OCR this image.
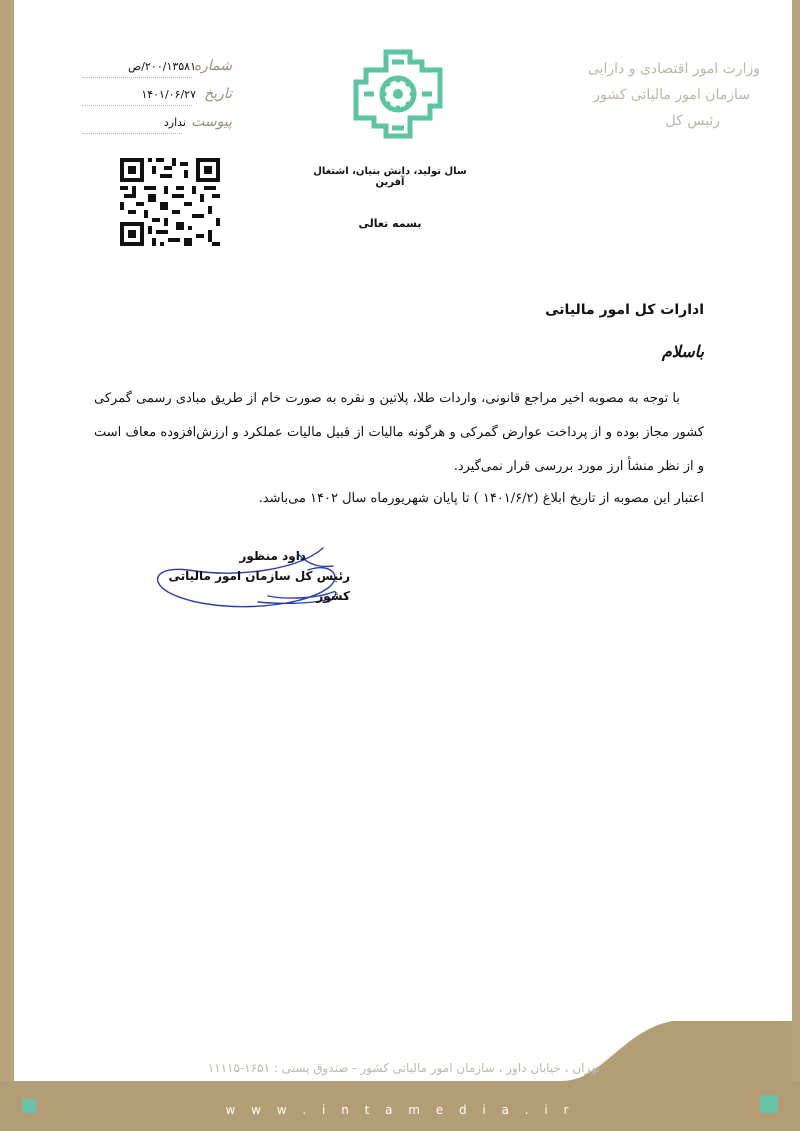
w w w . i n t a m e d i a . i r
تهران ، خیابان داور ، سازمان امور مالیاتی کشور - صندوق پستی : ۱۶۵۱-۱۱۱۱۵
وزارت امور اقتصادی و دارایی
سازمان امور مالیاتی کشور
رئیس کل
شماره
۲۰۰/۱۳۵۸۱/ص
تاریخ
۱۴۰۱/۰۶/۲۷
پیوست
ندارد
سال تولید، دانش بنیان، اشتغال آفرین
بسمه تعالی
ادارات کل امور مالیاتی
باسلام

با توجه به مصوبه اخیر مراجع قانونی، واردات طلا، پلاتین و نقره به صورت خام از طریق مبادی رسمی گمرکی کشور مجاز بوده و از پرداخت عوارض گمرکی و هرگونه مالیات از قبیل مالیات عملکرد و ارزش‌افزوده معاف است و از نظر منشأ ارز مورد بررسی قرار نمی‌گیرد.

اعتبار این مصوبه از تاریخ ابلاغ (۱۴۰۱/۶/۲ ) تا پایان شهریورماه سال ۱۴۰۲ می‌باشد.

داود منظور
رئیس کل سازمان امور مالیاتی کشور
